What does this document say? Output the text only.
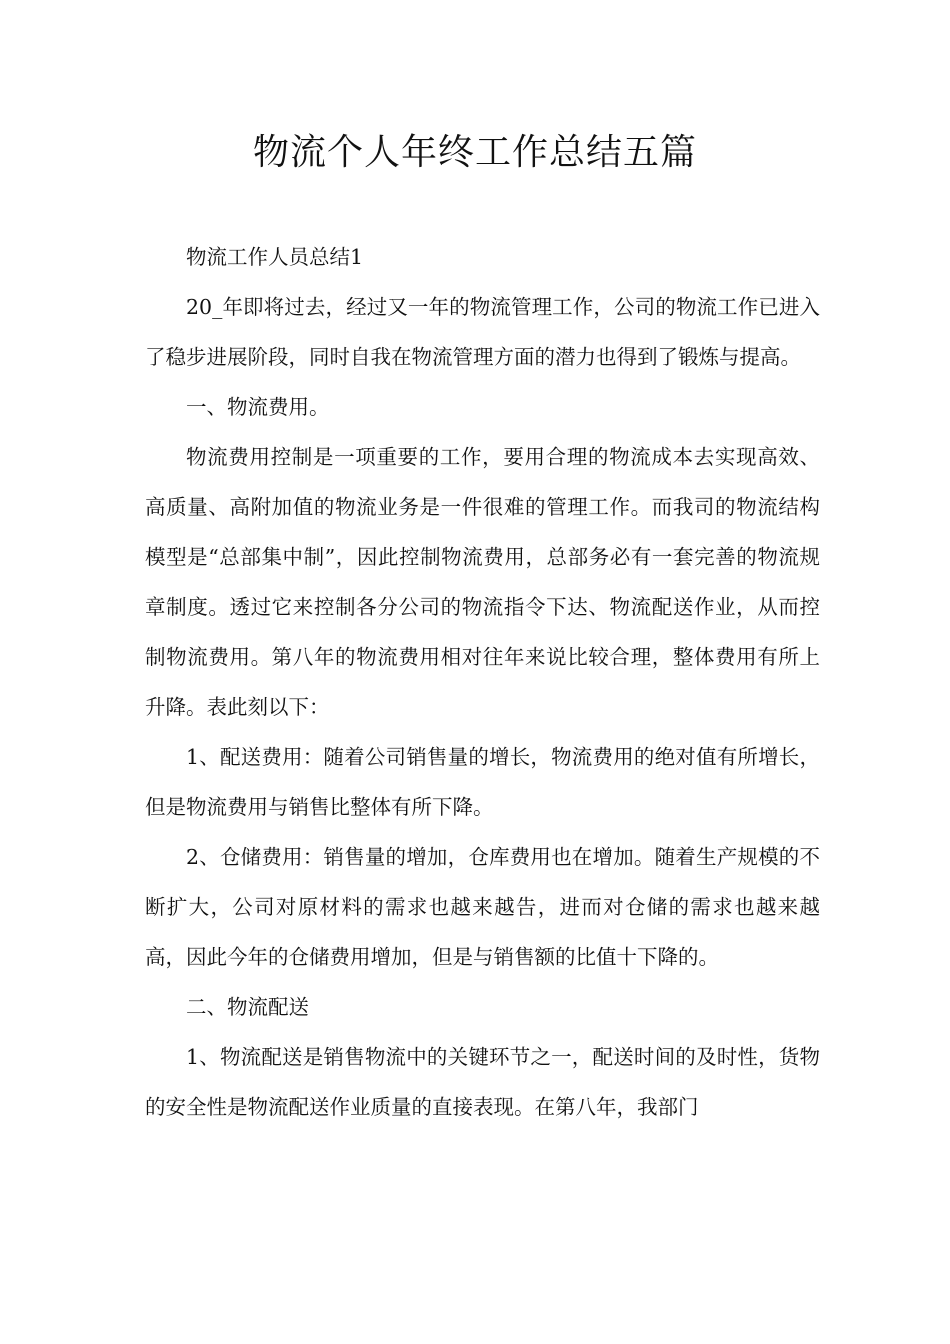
物流个人年终工作总结五篇

物流工作人员总结1

20_年即将过去，经过又一年的物流管理工作，公司的物流工作已进入了稳步进展阶段，同时自我在物流管理方面的潜力也得到了锻炼与提高。

一、物流费用。

物流费用控制是一项重要的工作，要用合理的物流成本去实现高效、高质量、高附加值的物流业务是一件很难的管理工作。而我司的物流结构模型是“总部集中制”，因此控制物流费用，总部务必有一套完善的物流规章制度。透过它来控制各分公司的物流指令下达、物流配送作业，从而控制物流费用。第八年的物流费用相对往年来说比较合理，整体费用有所上升降。表此刻以下：

1、配送费用：随着公司销售量的增长，物流费用的绝对值有所增长，但是物流费用与销售比整体有所下降。

2、仓储费用：销售量的增加，仓库费用也在增加。随着生产规模的不断扩大，公司对原材料的需求也越来越告，进而对仓储的需求也越来越高，因此今年的仓储费用增加，但是与销售额的比值十下降的。

二、物流配送

1、物流配送是销售物流中的关键环节之一，配送时间的及时性，货物的安全性是物流配送作业质量的直接表现。在第八年，我部门
